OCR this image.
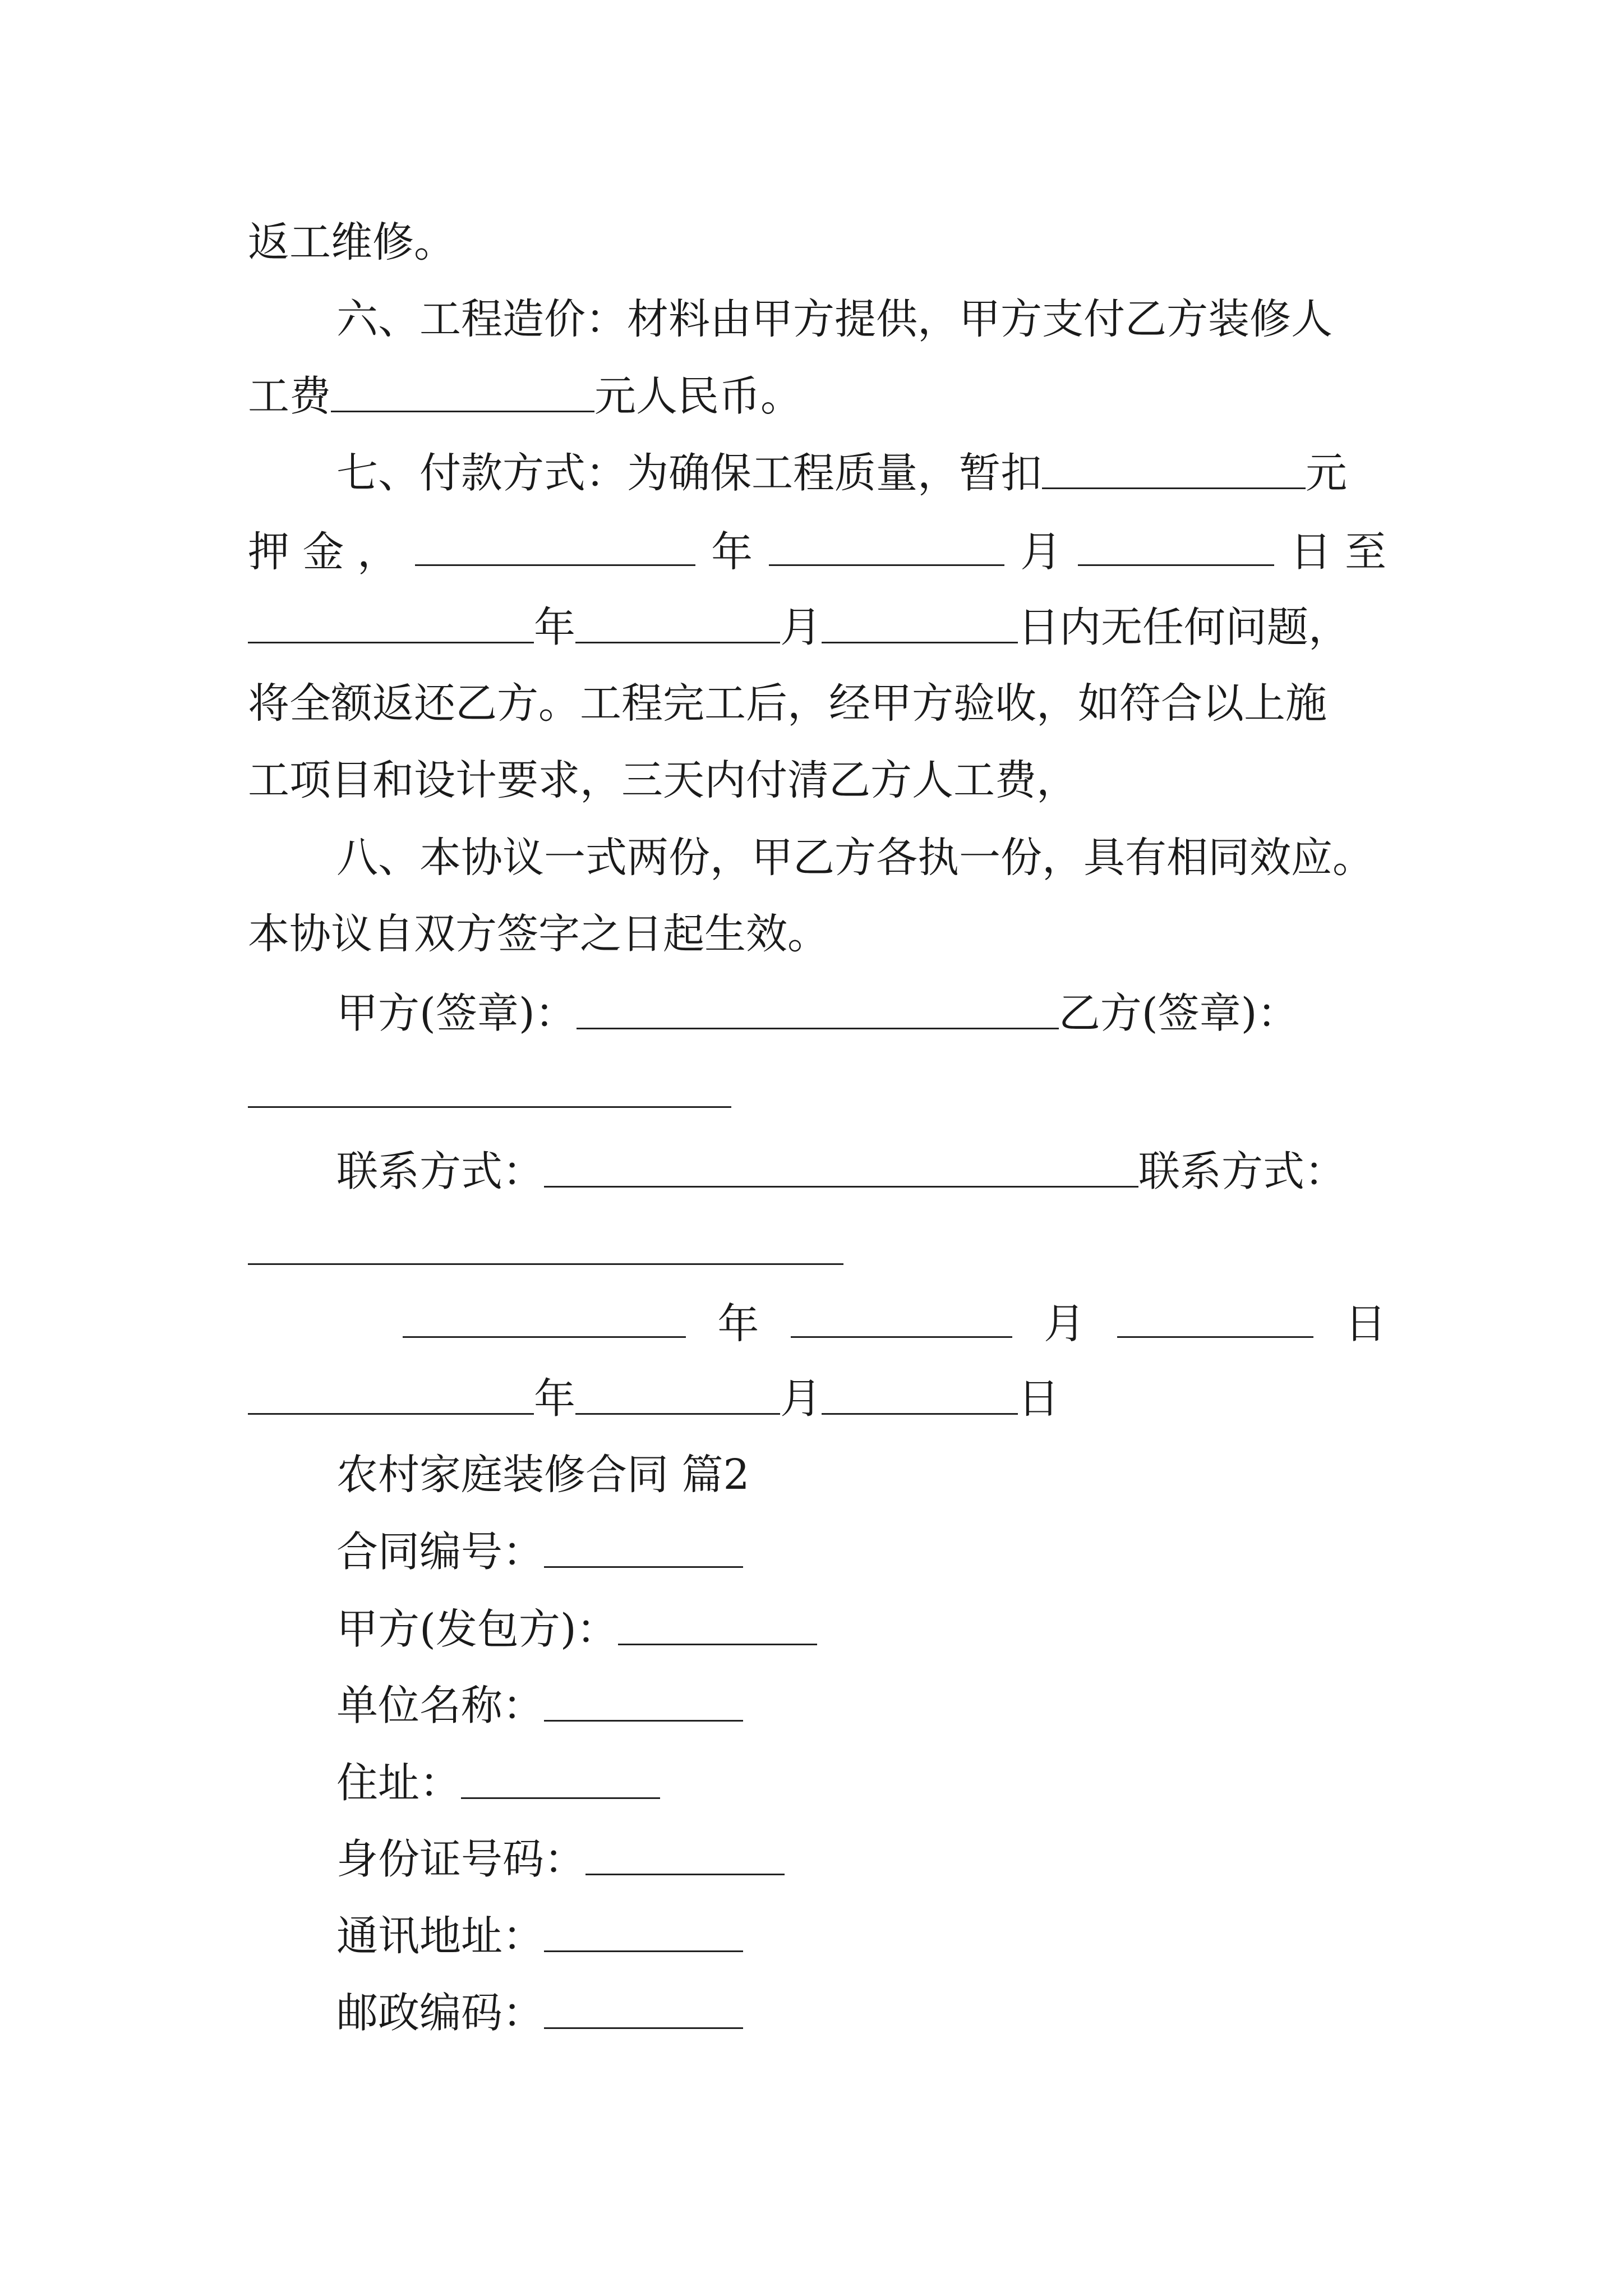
返工维修。
六、工程造价：材料由甲方提供，甲方支付乙方装修人
工费	元人民币。
七、付款方式：为确保工程质量，暂扣	元
押 金 ，	年	月	日 至
年	月	日内无任何问题，
将全额返还乙方。工程完工后，经甲方验收，如符合以上施
工项目和设计要求，三天内付清乙方人工费，
八、本协议一式两份，甲乙方各执一份，具有相同效应。
本协议自双方签字之日起生效。
甲方(签章)：	乙方(签章)：
联系方式：	联系方式：
年	月	日
年	月	日
农村家庭装修合同 篇2
合同编号：
甲方(发包方)：
单位名称：
住址：
身份证号码：
通讯地址：
邮政编码：
